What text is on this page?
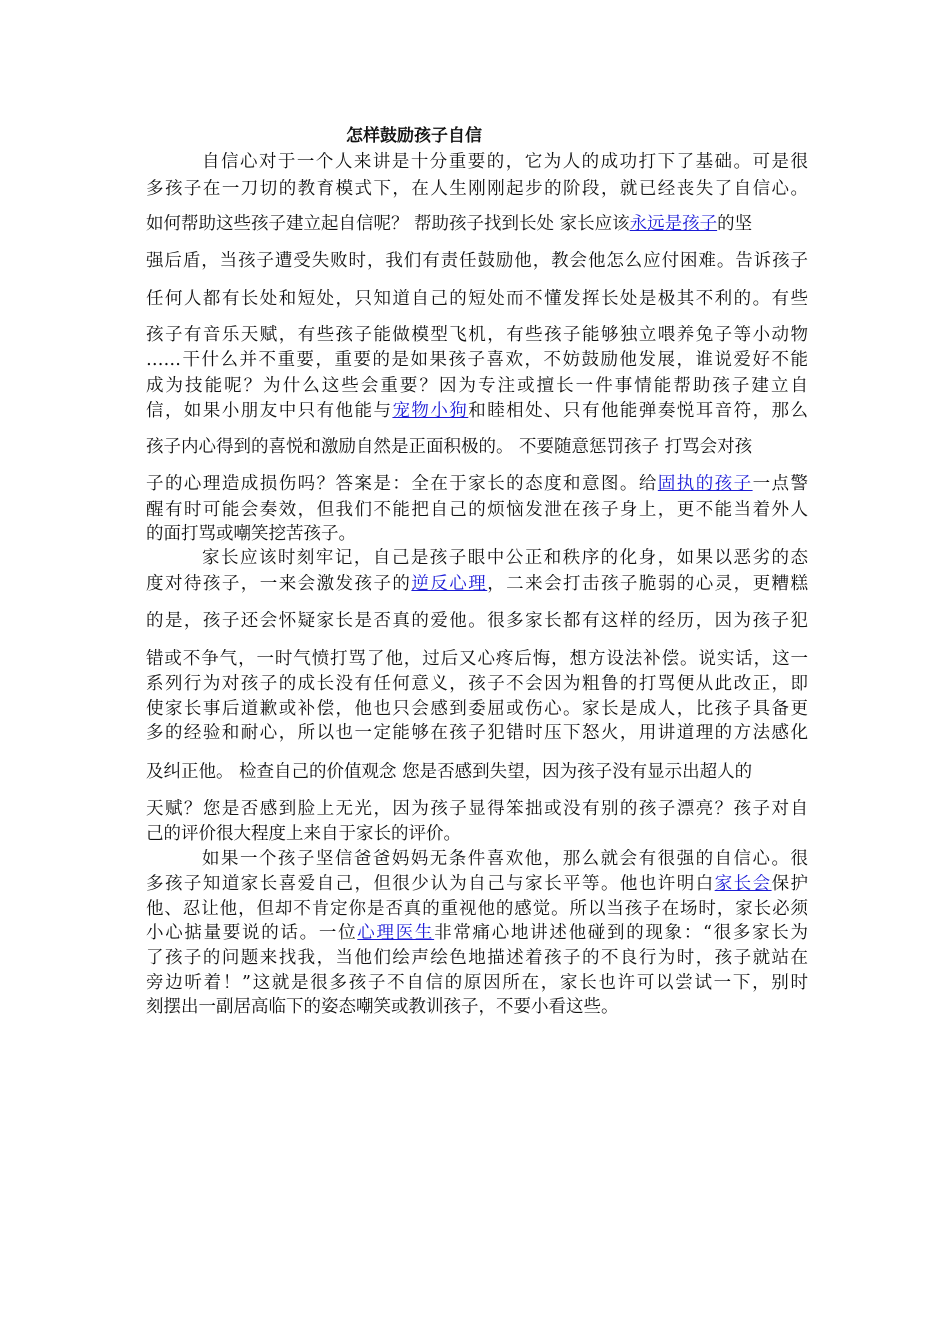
怎样鼓励孩子自信
自信心对于一个人来讲是十分重要的，它为人的成功打下了基础。可是很
多孩子在一刀切的教育模式下，在人生刚刚起步的阶段，就已经丧失了自信心。
如何帮助这些孩子建立起自信呢？ 帮助孩子找到长处 家长应该永远是孩子的坚
强后盾，当孩子遭受失败时，我们有责任鼓励他，教会他怎么应付困难。告诉孩子
任何人都有长处和短处，只知道自己的短处而不懂发挥长处是极其不利的。有些
孩子有音乐天赋，有些孩子能做模型飞机，有些孩子能够独立喂养兔子等小动物
……干什么并不重要，重要的是如果孩子喜欢，不妨鼓励他发展，谁说爱好不能
成为技能呢？为什么这些会重要？因为专注或擅长一件事情能帮助孩子建立自
信，如果小朋友中只有他能与宠物小狗和睦相处、只有他能弹奏悦耳音符，那么
孩子内心得到的喜悦和激励自然是正面积极的。 不要随意惩罚孩子 打骂会对孩
子的心理造成损伤吗？答案是：全在于家长的态度和意图。给固执的孩子一点警
醒有时可能会奏效，但我们不能把自己的烦恼发泄在孩子身上，更不能当着外人
的面打骂或嘲笑挖苦孩子。
家长应该时刻牢记，自己是孩子眼中公正和秩序的化身，如果以恶劣的态
度对待孩子，一来会激发孩子的逆反心理，二来会打击孩子脆弱的心灵，更糟糕
的是，孩子还会怀疑家长是否真的爱他。很多家长都有这样的经历，因为孩子犯
错或不争气，一时气愤打骂了他，过后又心疼后悔，想方设法补偿。说实话，这一
系列行为对孩子的成长没有任何意义，孩子不会因为粗鲁的打骂便从此改正，即
使家长事后道歉或补偿，他也只会感到委屈或伤心。家长是成人，比孩子具备更
多的经验和耐心，所以也一定能够在孩子犯错时压下怒火，用讲道理的方法感化
及纠正他。 检查自己的价值观念 您是否感到失望，因为孩子没有显示出超人的
天赋？您是否感到脸上无光，因为孩子显得笨拙或没有别的孩子漂亮？孩子对自
己的评价很大程度上来自于家长的评价。
如果一个孩子坚信爸爸妈妈无条件喜欢他，那么就会有很强的自信心。很
多孩子知道家长喜爱自己，但很少认为自己与家长平等。他也许明白家长会保护
他、忍让他，但却不肯定你是否真的重视他的感觉。所以当孩子在场时，家长必须
小心掂量要说的话。一位心理医生非常痛心地讲述他碰到的现象：“很多家长为
了孩子的问题来找我，当他们绘声绘色地描述着孩子的不良行为时，孩子就站在
旁边听着！”这就是很多孩子不自信的原因所在，家长也许可以尝试一下，别时
刻摆出一副居高临下的姿态嘲笑或教训孩子，不要小看这些。
